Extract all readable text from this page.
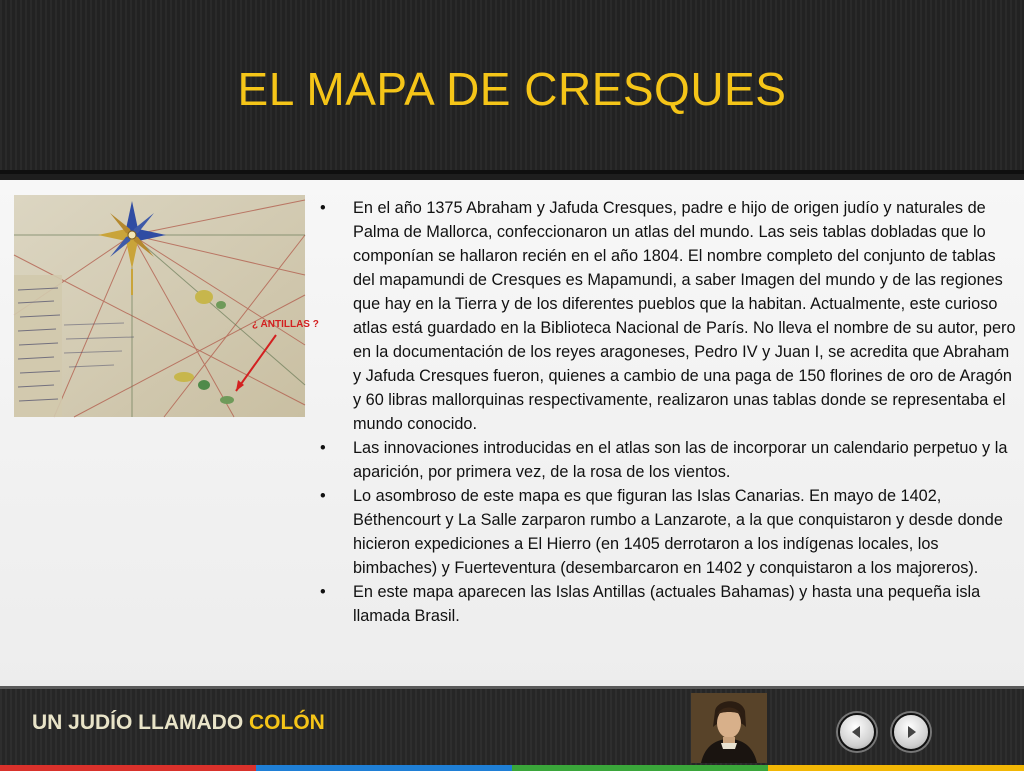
EL MAPA DE CRESQUES
¿ ANTILLAS ?
• En el año 1375 Abraham y Jafuda Cresques, padre e hijo de origen judío y naturales de Palma de Mallorca, confeccionaron un atlas del mundo. Las seis tablas dobladas que lo componían se hallaron recién en el año 1804. El nombre completo del conjunto de tablas del mapamundi de Cresques es Mapamundi, a saber Imagen del mundo y de las regiones que hay en la Tierra y de los diferentes pueblos que la habitan. Actualmente, este curioso atlas está guardado en la Biblioteca Nacional de París. No lleva el nombre de su autor, pero en la documentación de los reyes aragoneses, Pedro IV y Juan I, se acredita que Abraham y Jafuda Cresques fueron, quienes a cambio de una paga de 150 florines de oro de Aragón y 60 libras mallorquinas respectivamente, realizaron unas tablas donde se representaba el mundo conocido.
• Las innovaciones introducidas en el atlas son las de incorporar un calendario perpetuo y la aparición, por primera vez, de la rosa de los vientos.
• Lo asombroso de este mapa es que figuran las Islas Canarias. En mayo de 1402, Béthencourt y La Salle zarparon rumbo a Lanzarote, a la que conquistaron y desde donde hicieron expediciones a El Hierro (en 1405 derrotaron a los indígenas locales, los bimbaches) y Fuerteventura (desembarcaron en 1402 y conquistaron a los majoreros).
• En este mapa aparecen las Islas Antillas (actuales Bahamas) y hasta una pequeña isla llamada Brasil.
UN JUDÍO LLAMADO COLÓN
